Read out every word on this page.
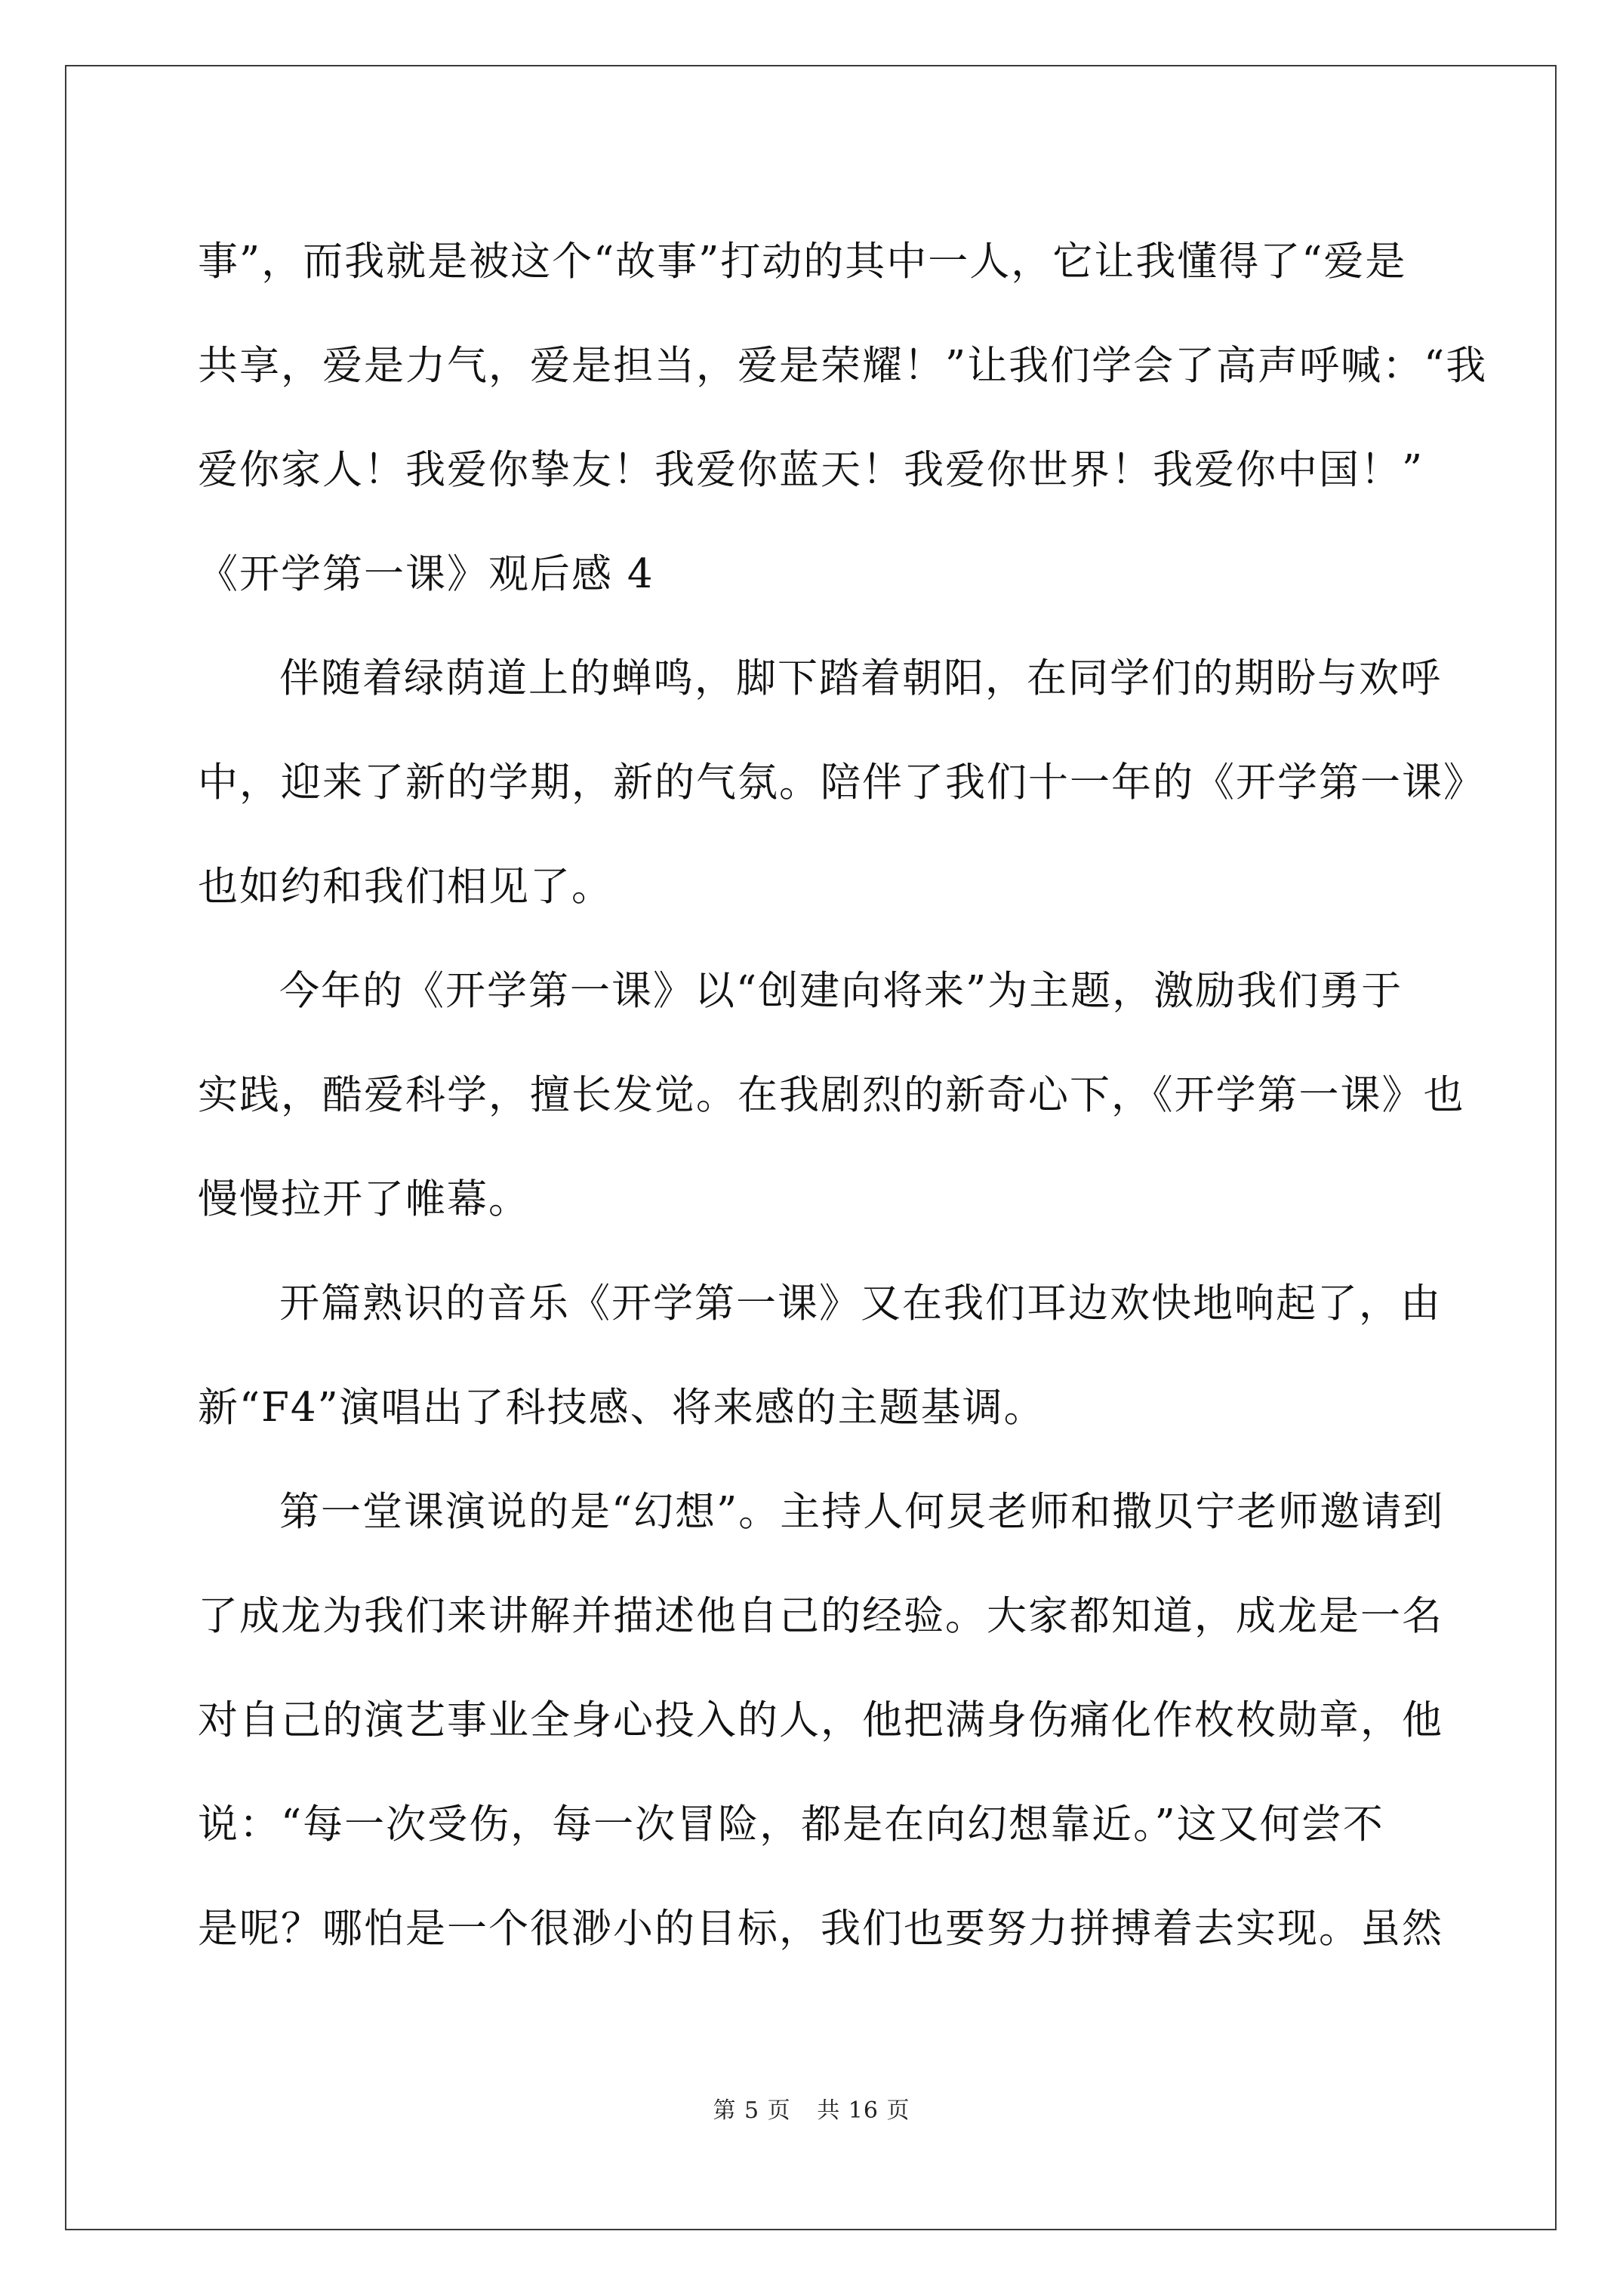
事”，而我就是被这个“故事”打动的其中一人，它让我懂得了“爱是
共享，爱是力气，爱是担当，爱是荣耀！”让我们学会了高声呼喊：“我
爱你家人！我爱你挚友！我爱你蓝天！我爱你世界！我爱你中国！”
《开学第一课》观后感 4
伴随着绿荫道上的蝉鸣，脚下踏着朝阳，在同学们的期盼与欢呼
中，迎来了新的学期，新的气氛。陪伴了我们十一年的《开学第一课》
也如约和我们相见了。
今年的《开学第一课》以“创建向将来”为主题，激励我们勇于
实践，酷爱科学，擅长发觉。在我剧烈的新奇心下，《开学第一课》也
慢慢拉开了帷幕。
开篇熟识的音乐《开学第一课》又在我们耳边欢快地响起了，由
新“F4”演唱出了科技感、将来感的主题基调。
第一堂课演说的是“幻想”。主持人何炅老师和撒贝宁老师邀请到
了成龙为我们来讲解并描述他自己的经验。大家都知道，成龙是一名
对自己的演艺事业全身心投入的人，他把满身伤痛化作枚枚勋章，他
说：“每一次受伤，每一次冒险，都是在向幻想靠近。”这又何尝不
是呢？哪怕是一个很渺小的目标，我们也要努力拼搏着去实现。虽然
第 5 页 共 16 页
